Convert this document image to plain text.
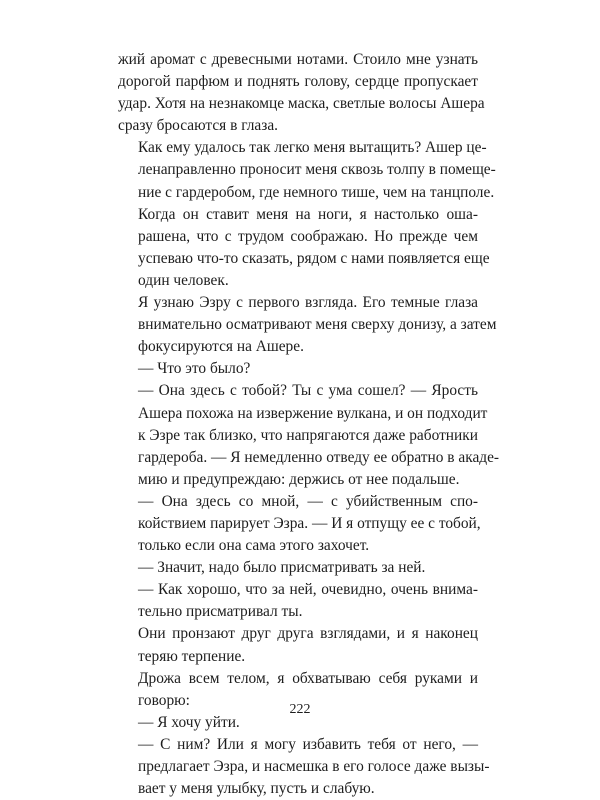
жий аромат с древесными нотами. Стоило мне узнать
дорогой парфюм и поднять голову, сердце пропускает
удар. Хотя на незнакомце маска, светлые волосы Ашера
сразу бросаются в глаза.
Как ему удалось так легко меня вытащить? Ашер це-
ленаправленно проносит меня сквозь толпу в помеще-
ние с гардеробом, где немного тише, чем на танцполе.
Когда он ставит меня на ноги, я настолько оша-
рашена, что с трудом соображаю. Но прежде чем
успеваю что-то сказать, рядом с нами появляется еще
один человек.
Я узнаю Эзру с первого взгляда. Его темные глаза
внимательно осматривают меня сверху донизу, а затем
фокусируются на Ашере.
— Что это было?
— Она здесь с тобой? Ты с ума сошел? — Ярость
Ашера похожа на извержение вулкана, и он подходит
к Эзре так близко, что напрягаются даже работники
гардероба. — Я немедленно отведу ее обратно в акаде-
мию и предупреждаю: держись от нее подальше.
— Она здесь со мной, — с убийственным спо-
койствием парирует Эзра. — И я отпущу ее с тобой,
только если она сама этого захочет.
— Значит, надо было присматривать за ней.
— Как хорошо, что за ней, очевидно, очень внима-
тельно присматривал ты.
Они пронзают друг друга взглядами, и я наконец
теряю терпение.
Дрожа всем телом, я обхватываю себя руками и
говорю:
— Я хочу уйти.
— С ним? Или я могу избавить тебя от него, —
предлагает Эзра, и насмешка в его голосе даже вызы-
вает у меня улыбку, пусть и слабую.
222
